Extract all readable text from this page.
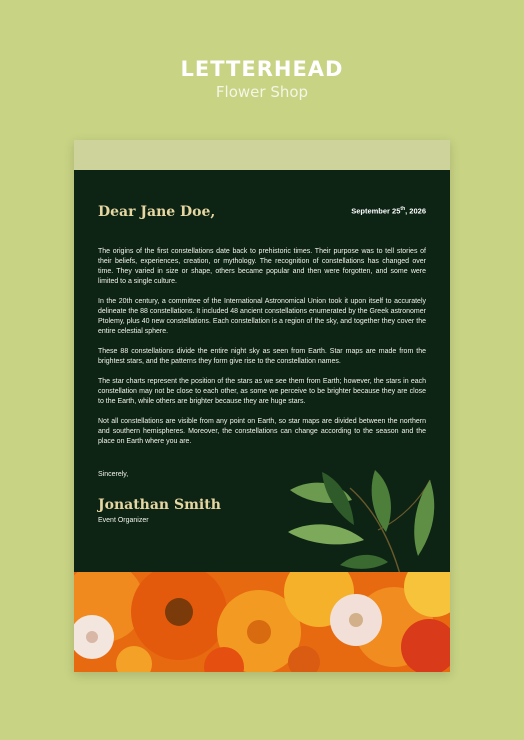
LETTERHEAD
Flower Shop
Dear Jane Doe,	September 25th, 2026

The origins of the first constellations date back to prehistoric times. Their purpose was to tell stories of their beliefs, experiences, creation, or mythology. The recognition of constellations has changed over time. They varied in size or shape, others became popular and then were forgotten, and some were limited to a single culture.

In the 20th century, a committee of the International Astronomical Union took it upon itself to accurately delineate the 88 constellations. It included 48 ancient constellations enumerated by the Greek astronomer Ptolemy, plus 40 new constellations. Each constellation is a region of the sky, and together they cover the entire celestial sphere.

These 88 constellations divide the entire night sky as seen from Earth. Star maps are made from the brightest stars, and the patterns they form give rise to the constellation names.

The star charts represent the position of the stars as we see them from Earth; however, the stars in each constellation may not be close to each other, as some we perceive to be brighter because they are close to the Earth, while others are brighter because they are huge stars.

Not all constellations are visible from any point on Earth, so star maps are divided between the northern and southern hemispheres. Moreover, the constellations can change according to the season and the place on Earth where you are.

Sincerely,
Jonathan Smith
Event Organizer
